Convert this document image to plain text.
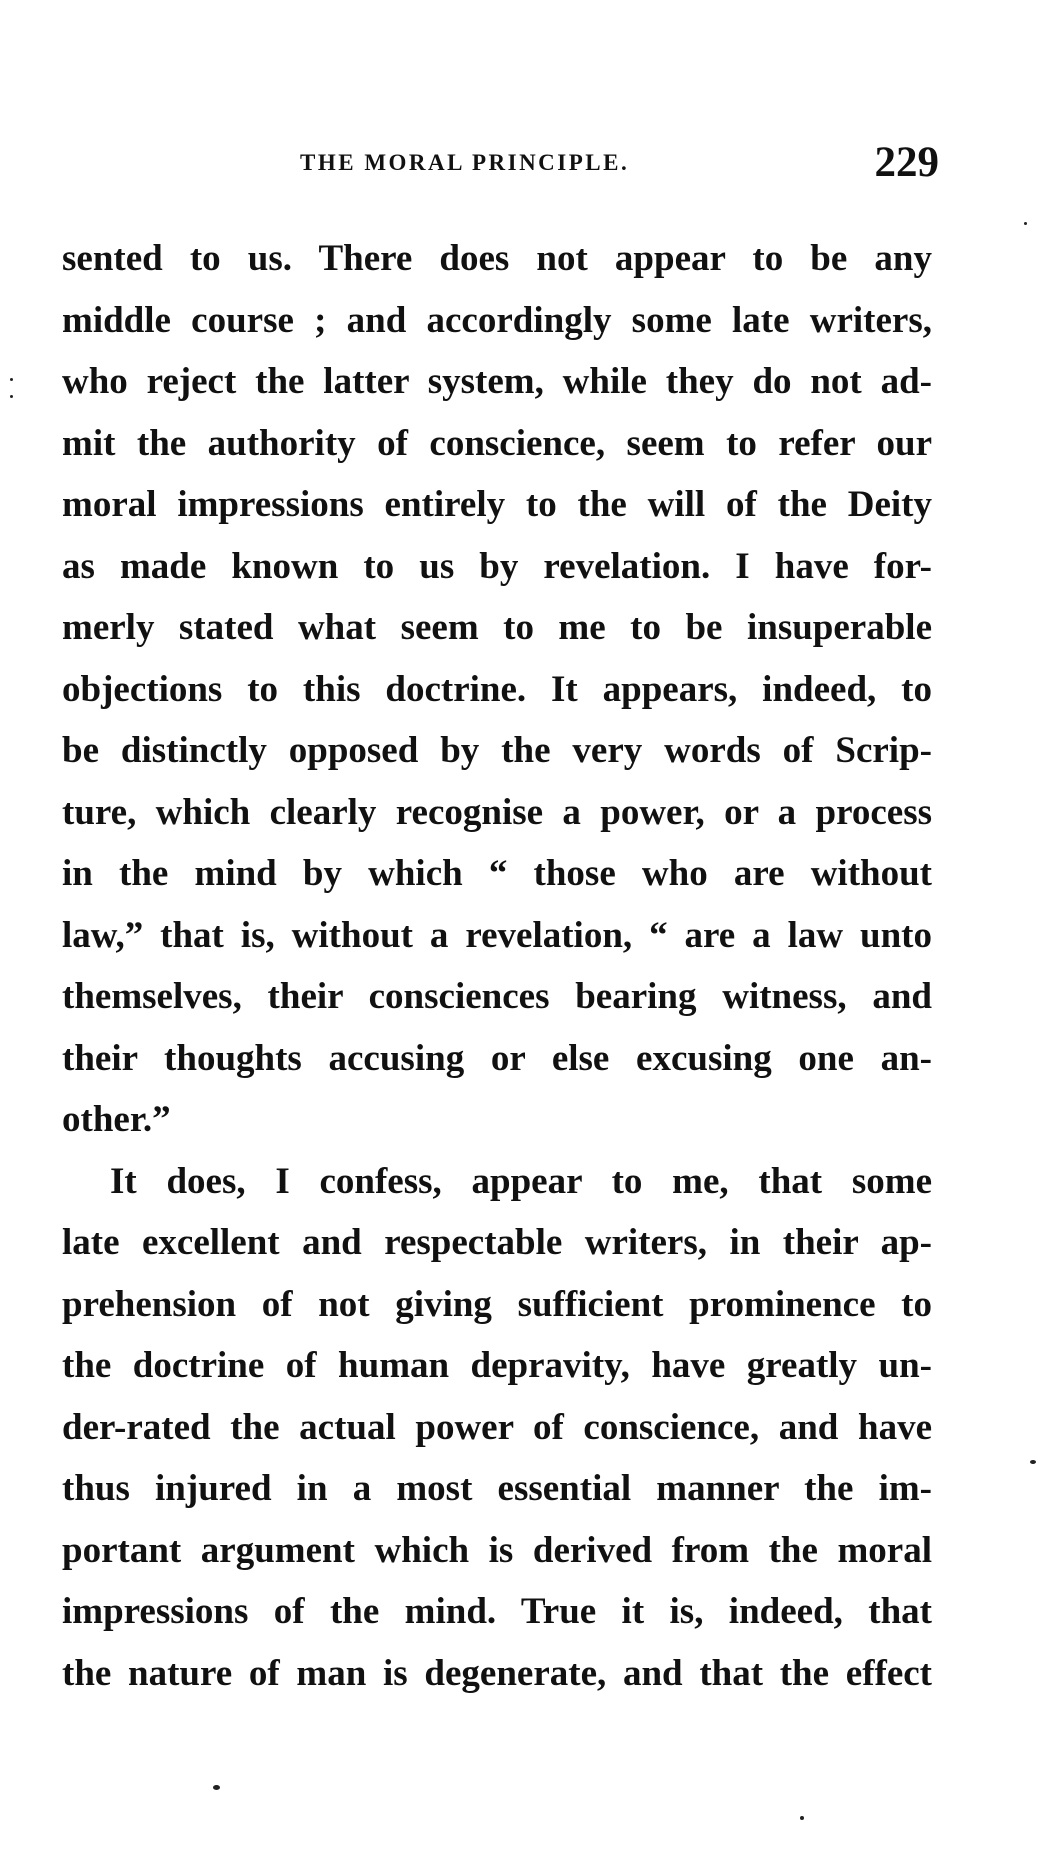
THE MORAL PRINCIPLE.	229
sented to us. There does not appear to be any
middle course ; and accordingly some late writers,
who reject the latter system, while they do not ad-
mit the authority of conscience, seem to refer our
moral impressions entirely to the will of the Deity
as made known to us by revelation. I have for-
merly stated what seem to me to be insuperable
objections to this doctrine. It appears, indeed, to
be distinctly opposed by the very words of Scrip-
ture, which clearly recognise a power, or a process
in the mind by which “ those who are without
law,” that is, without a revelation, “ are a law unto
themselves, their consciences bearing witness, and
their thoughts accusing or else excusing one an-
other.”
It does, I confess, appear to me, that some
late excellent and respectable writers, in their ap-
prehension of not giving sufficient prominence to
the doctrine of human depravity, have greatly un-
der-rated the actual power of conscience, and have
thus injured in a most essential manner the im-
portant argument which is derived from the moral
impressions of the mind. True it is, indeed, that
the nature of man is degenerate, and that the effect
